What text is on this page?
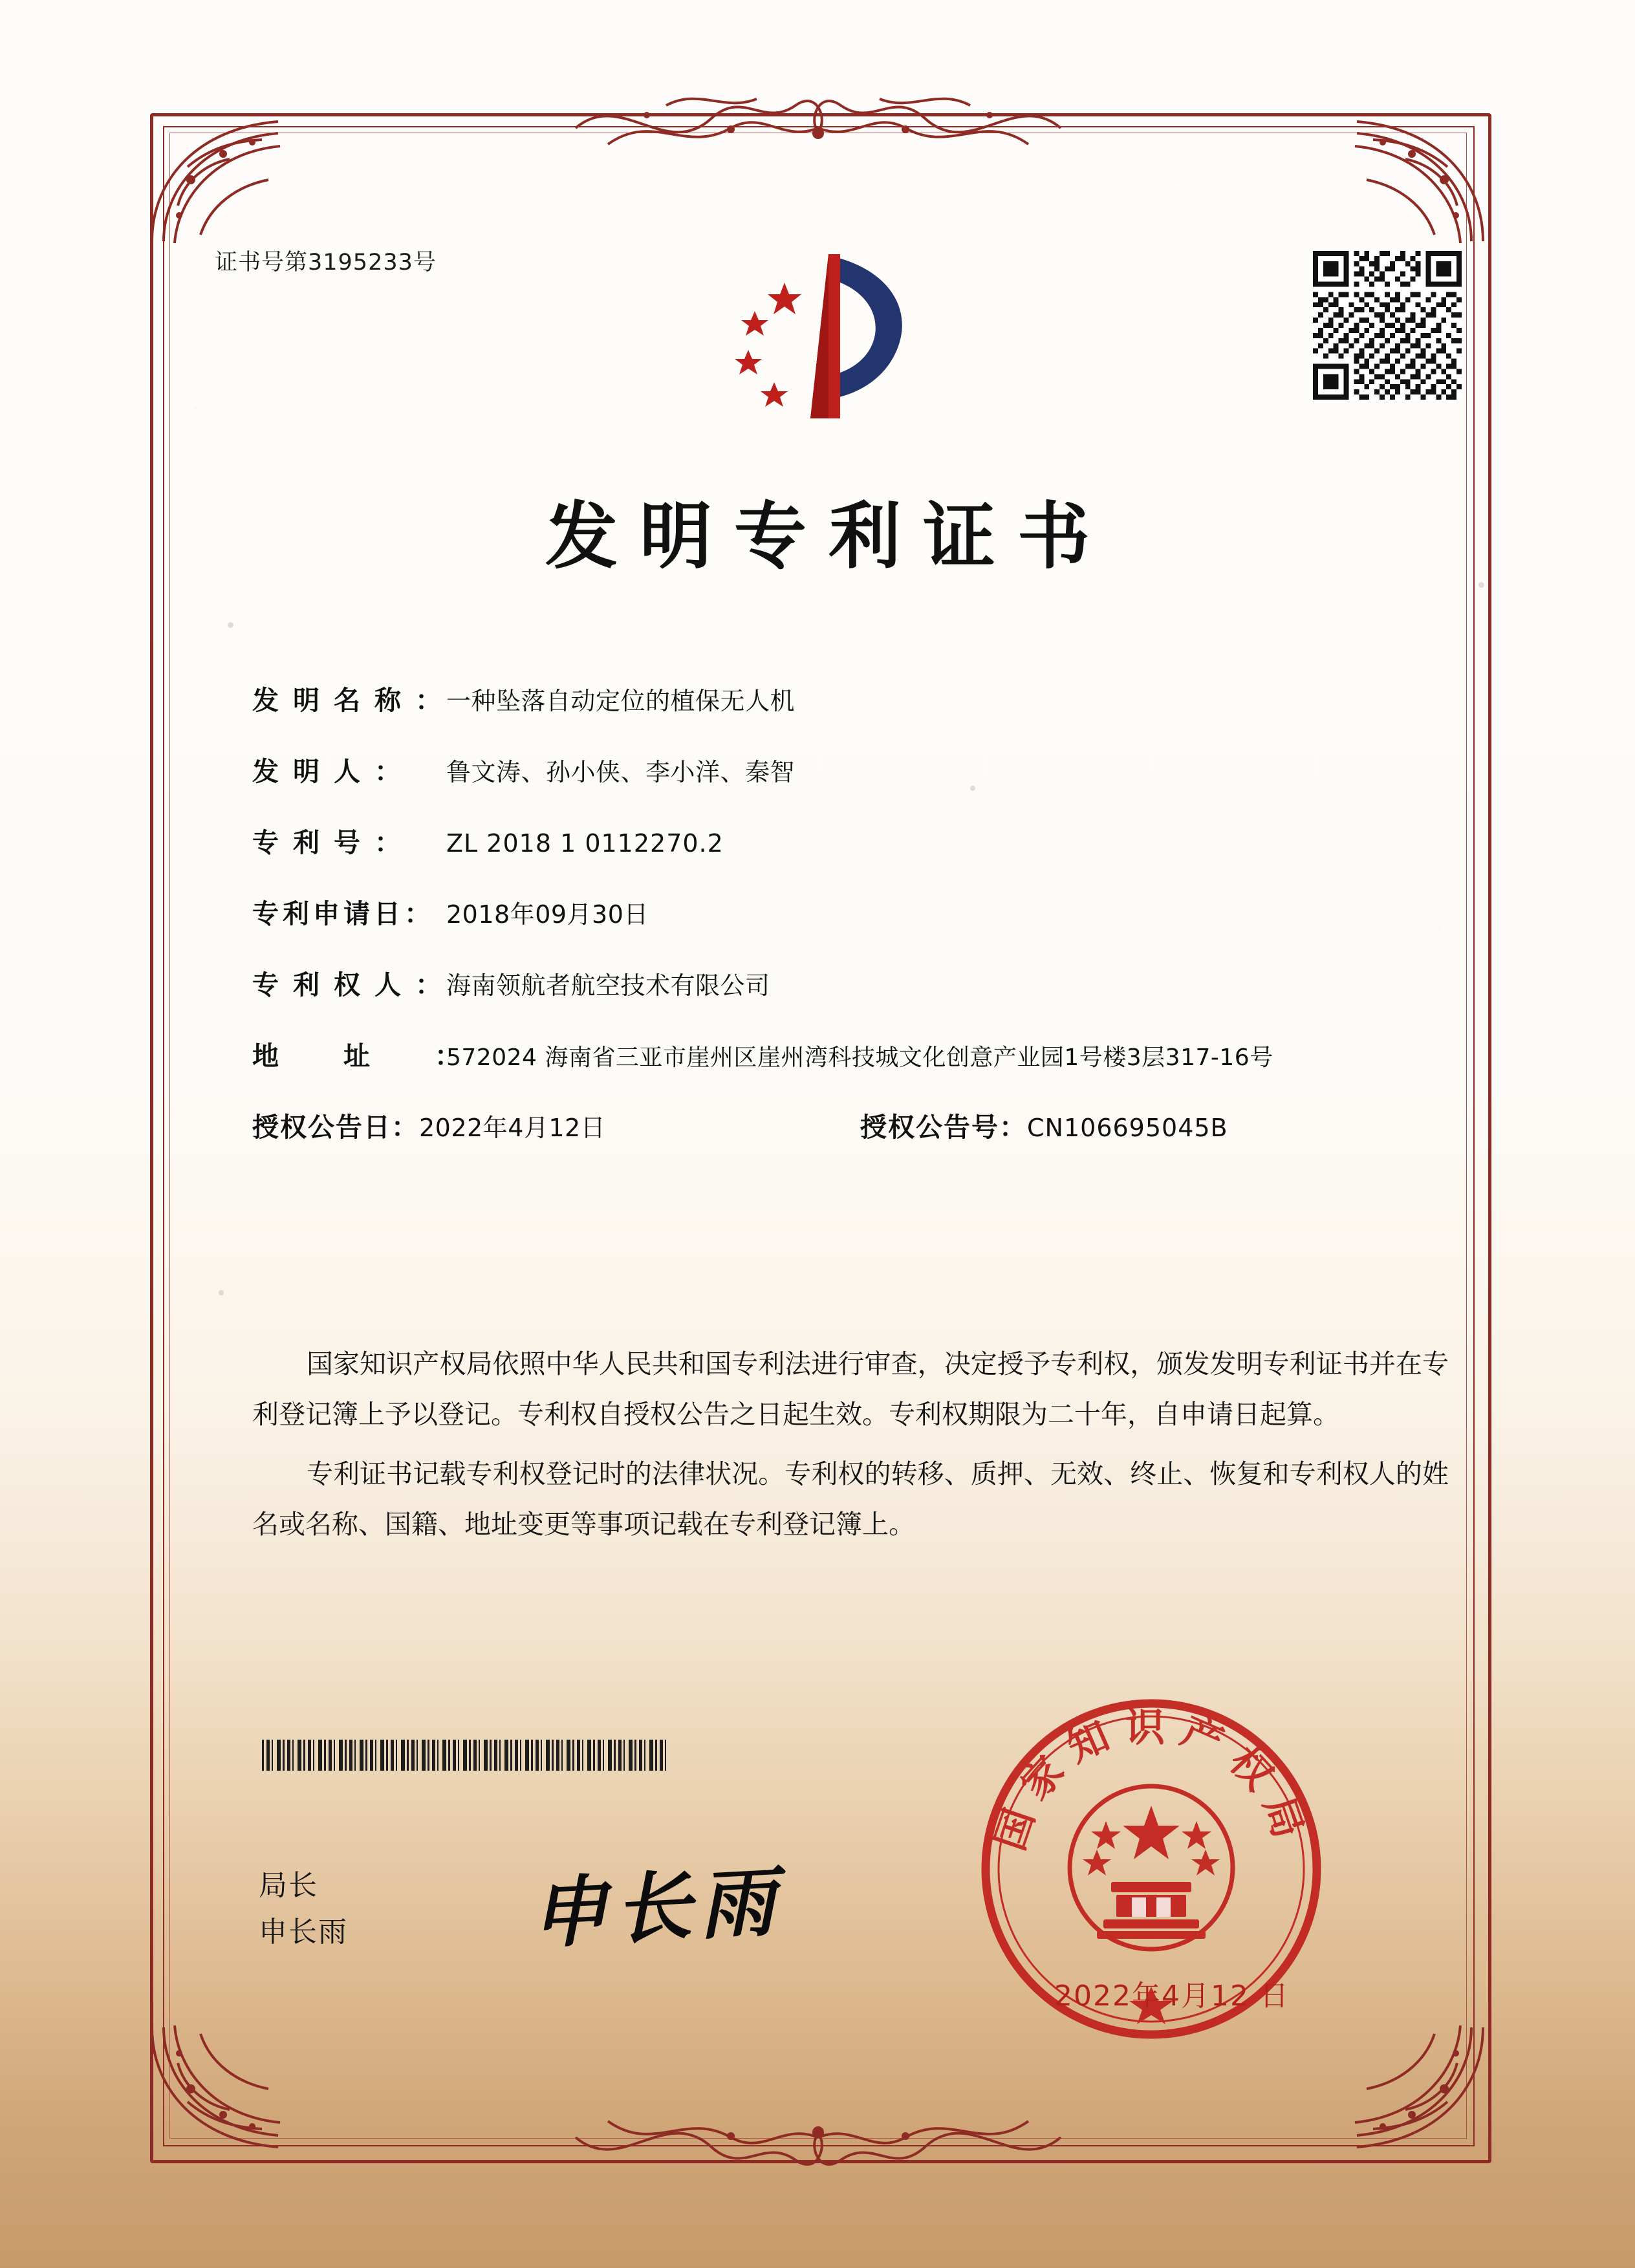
证书号第3195233号
发明专利证书
发明名称：一种坠落自动定位的植保无人机
发明人： 鲁文涛、孙小侠、李小洋、秦智
专利号： ZL 2018 1 0112270.2
专利申请日： 2018年09月30日
专利权人：海南领航者航空技术有限公司
地址：572024 海南省三亚市崖州区崖州湾科技城文化创意产业园1号楼3层317-16号
授权公告日：2022年4月12日	授权公告号：CN106695045B

国家知识产权局依照中华人民共和国专利法进行审查，决定授予专利权，颁发发明专利证书并在专利登记簿上予以登记。专利权自授权公告之日起生效。专利权期限为二十年，自申请日起算。

专利证书记载专利权登记时的法律状况。专利权的转移、质押、无效、终止、恢复和专利权人的姓名或名称、国籍、地址变更等事项记载在专利登记簿上。

局长
申长雨 申长雨
国家知识产权局
2022年4月12 日
